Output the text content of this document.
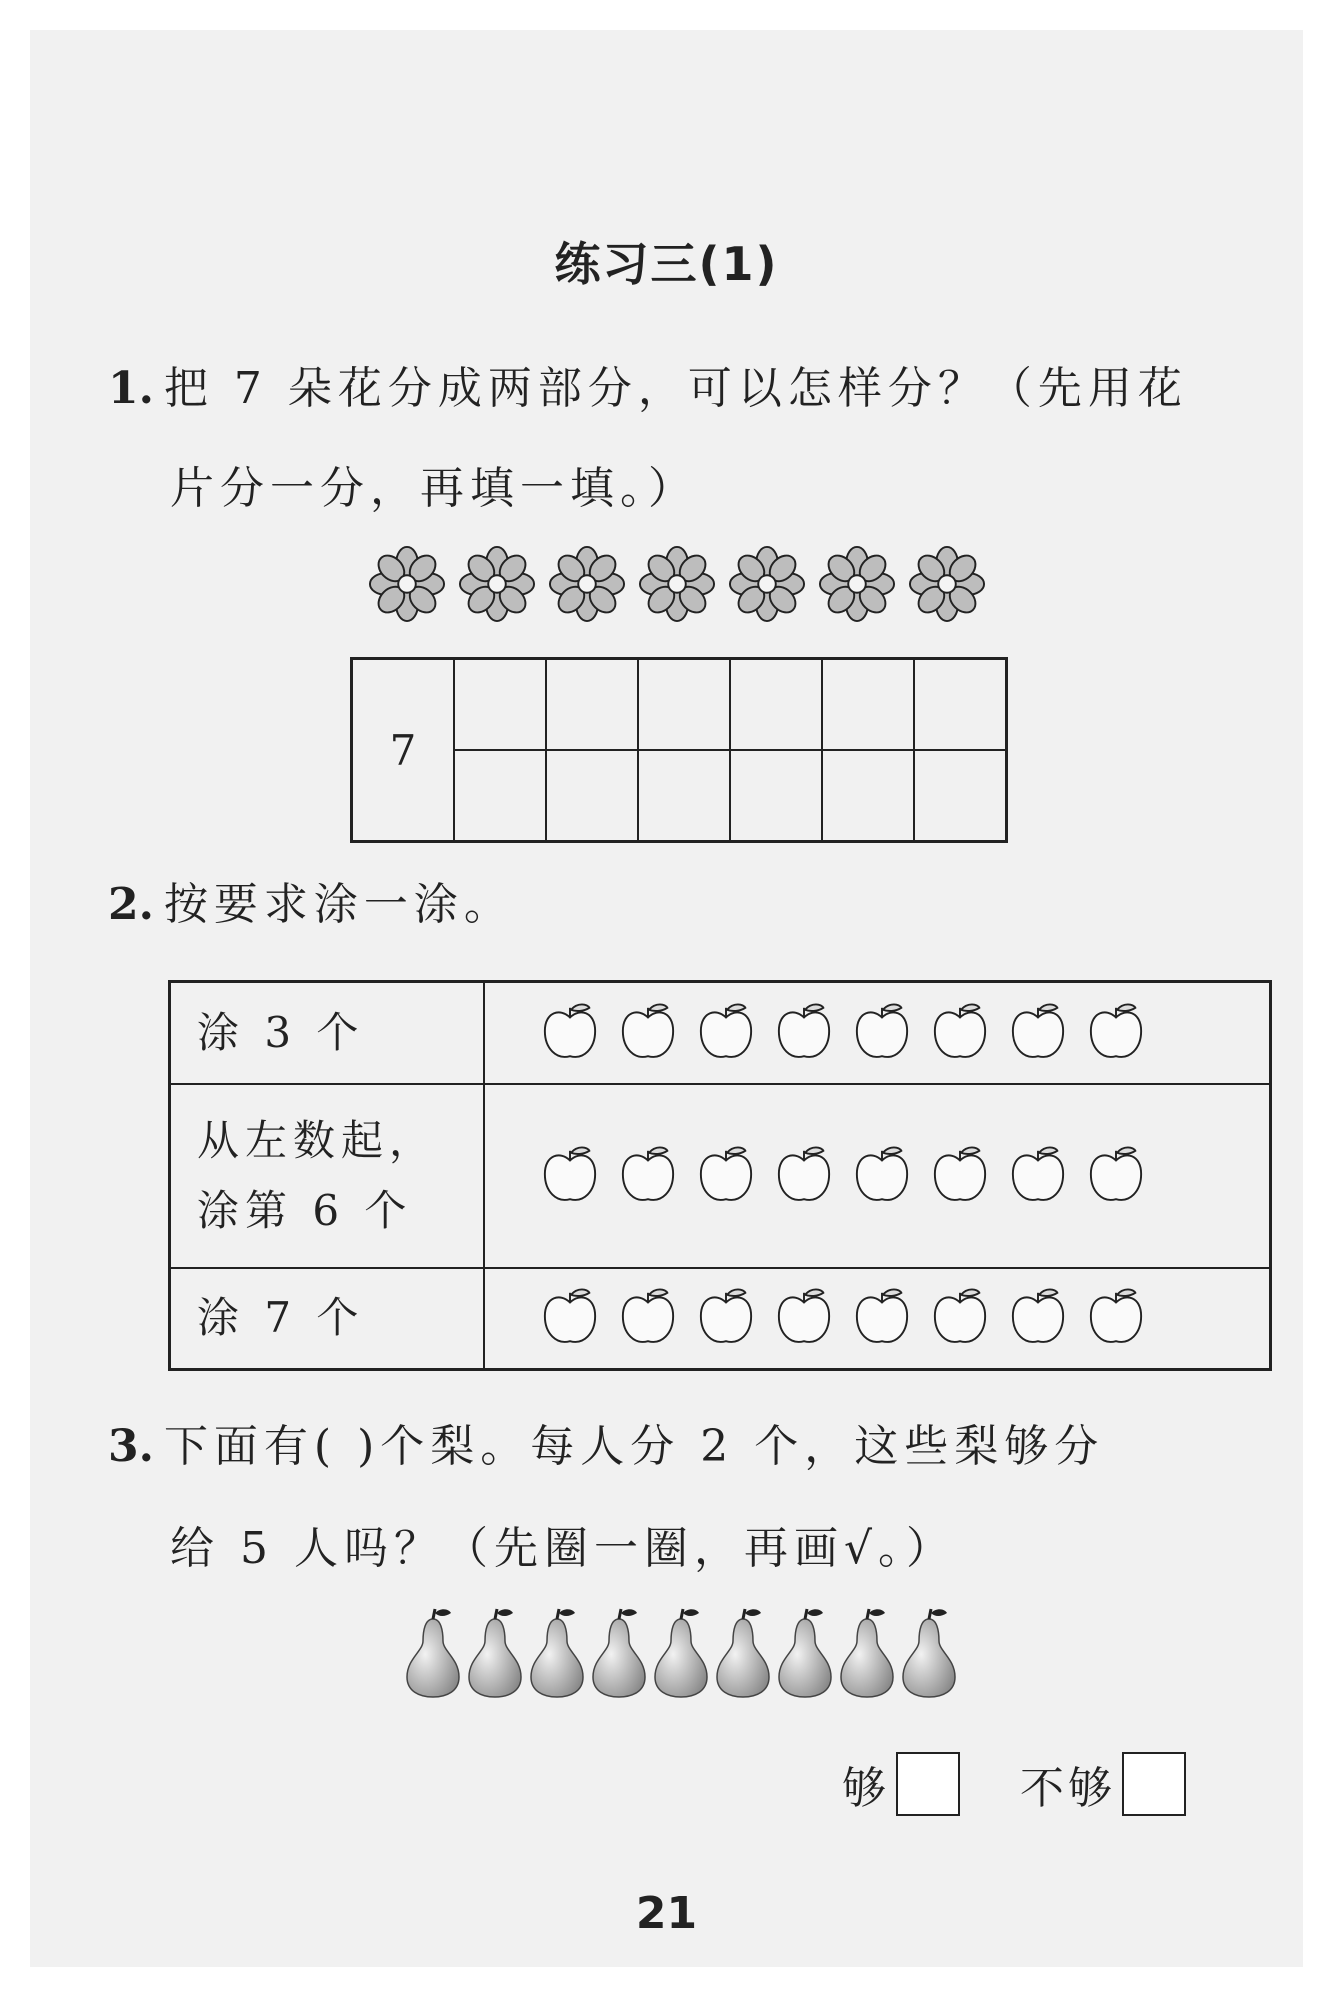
练习三(1)
1. 把 7 朵花分成两部分，可以怎样分？（先用花
片分一分，再填一填。）
7						

2. 按要求涂一涂。
涂 3 个	

从左数起，
涂第 6 个

涂 7 个	
3. 下面有( )个梨。每人分 2 个，这些梨够分
给 5 人吗？（先圈一圈，再画√。）
够	不够
21
